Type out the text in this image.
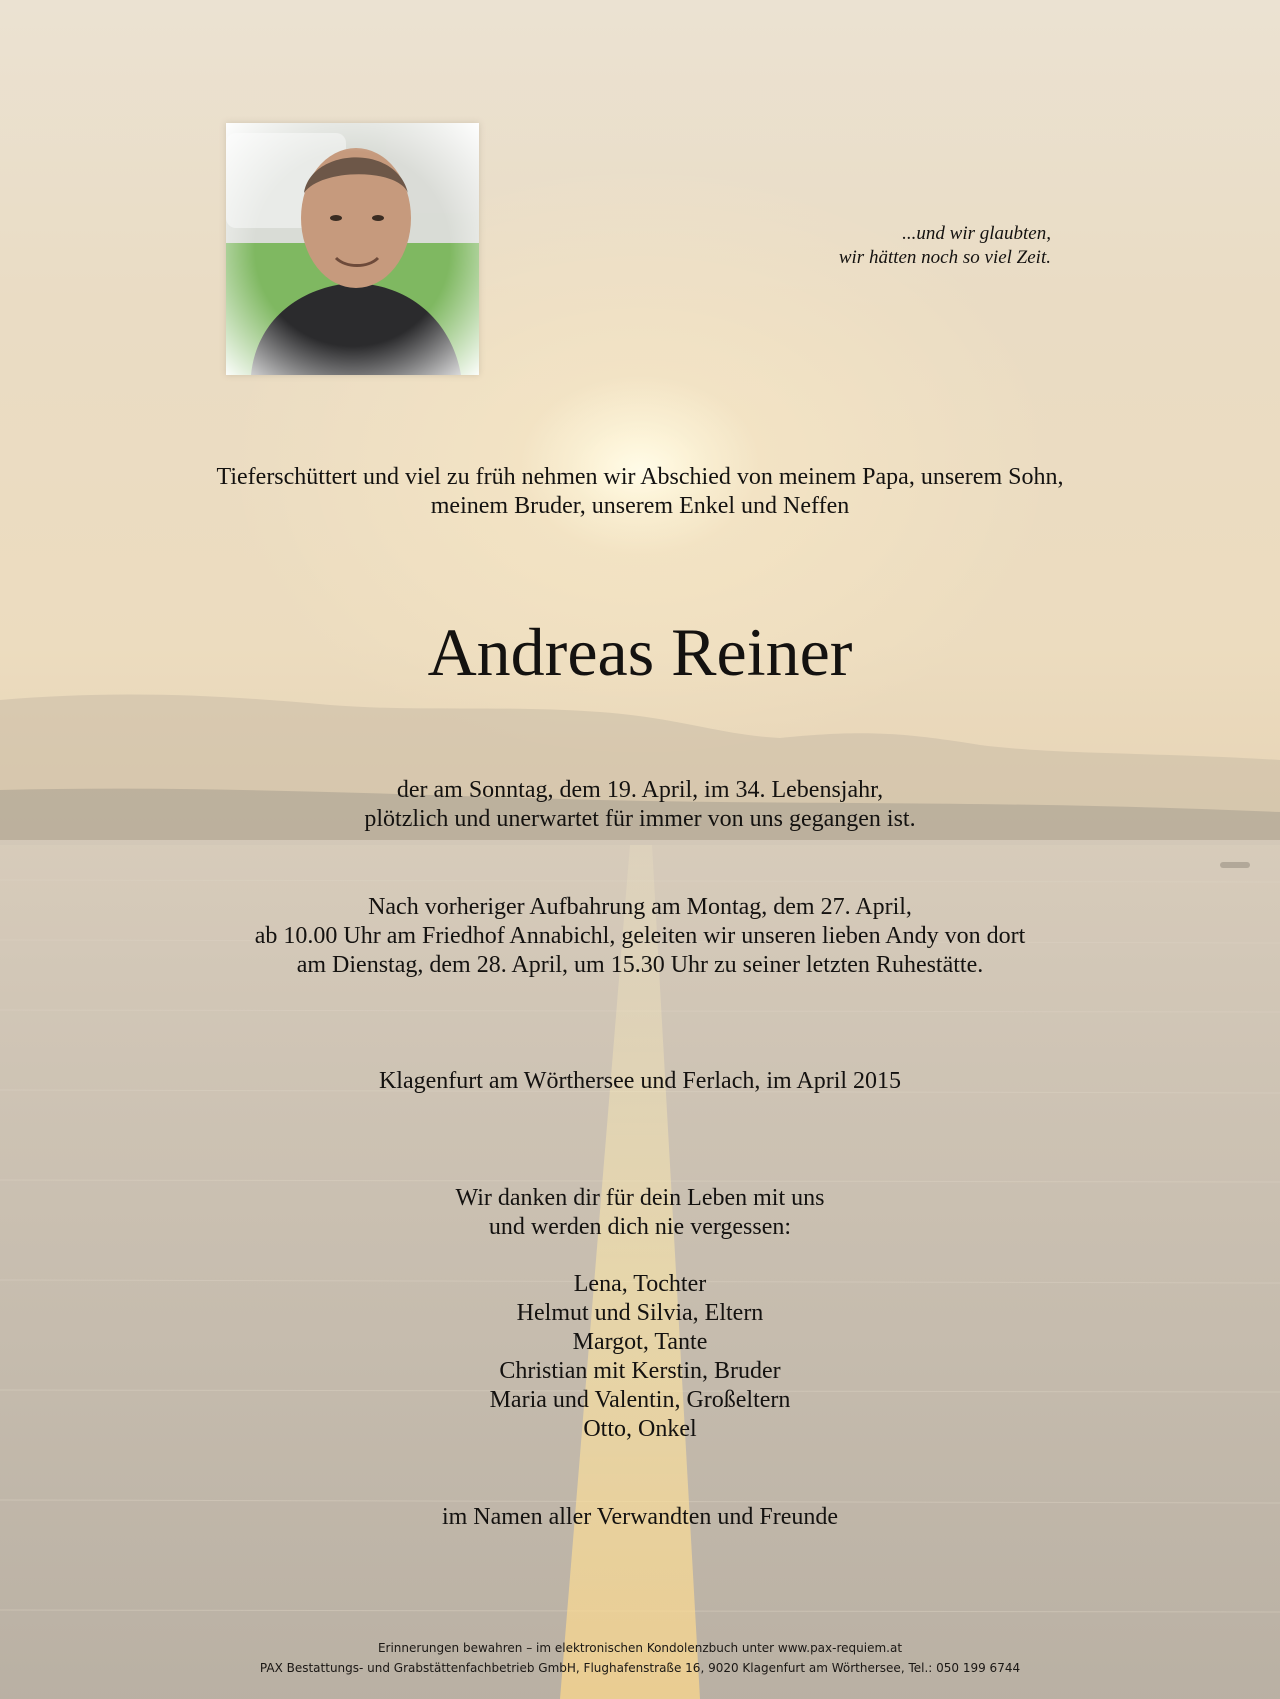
...und wir glaubten,
wir hätten noch so viel Zeit.
Tieferschüttert und viel zu früh nehmen wir Abschied von meinem Papa, unserem Sohn,
meinem Bruder, unserem Enkel und Neffen
Andreas Reiner
der am Sonntag, dem 19. April, im 34. Lebensjahr,
plötzlich und unerwartet für immer von uns gegangen ist.
Nach vorheriger Aufbahrung am Montag, dem 27. April,
ab 10.00 Uhr am Friedhof Annabichl, geleiten wir unseren lieben Andy von dort
am Dienstag, dem 28. April, um 15.30 Uhr zu seiner letzten Ruhestätte.
Klagenfurt am Wörthersee und Ferlach, im April 2015
Wir danken dir für dein Leben mit uns
und werden dich nie vergessen:
Lena, Tochter
Helmut und Silvia, Eltern
Margot, Tante
Christian mit Kerstin, Bruder
Maria und Valentin, Großeltern
Otto, Onkel
im Namen aller Verwandten und Freunde
Erinnerungen bewahren – im elektronischen Kondolenzbuch unter www.pax-requiem.at
PAX Bestattungs- und Grabstättenfachbetrieb GmbH, Flughafenstraße 16, 9020 Klagenfurt am Wörthersee, Tel.: 050 199 6744
